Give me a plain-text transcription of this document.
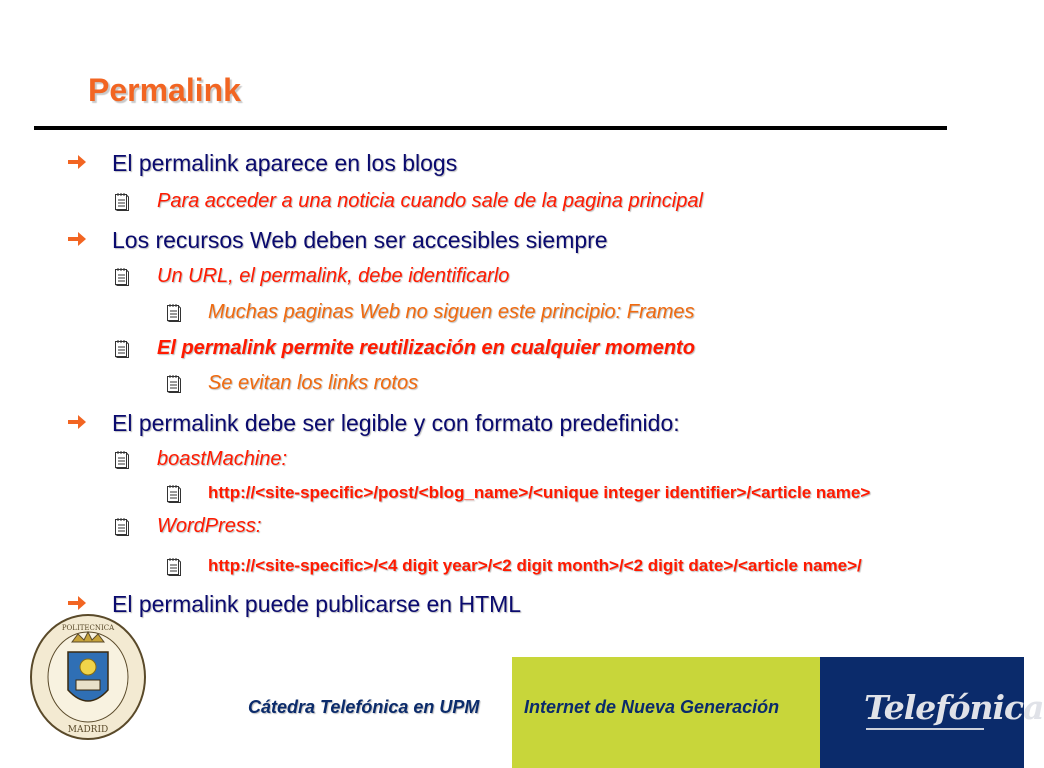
Permalink
El permalink aparece en los blogs
Para acceder a una noticia cuando sale de la pagina principal
Los recursos Web deben ser accesibles siempre
Un URL, el permalink, debe identificarlo
Muchas paginas Web no siguen este principio: Frames
El permalink permite reutilización en cualquier momento
Se evitan los links rotos
El permalink debe ser legible y con formato predefinido:
boastMachine:
http://<site-specific>/post/<blog_name>/<unique integer identifier>/<article name>
WordPress:
http://<site-specific>/<4 digit year>/<2 digit month>/<2 digit date>/<article name>/
El permalink puede publicarse en HTML
POLITECNICA
MADRID
Cátedra Telefónica en UPM Internet de Nueva Generación	Telefónica
